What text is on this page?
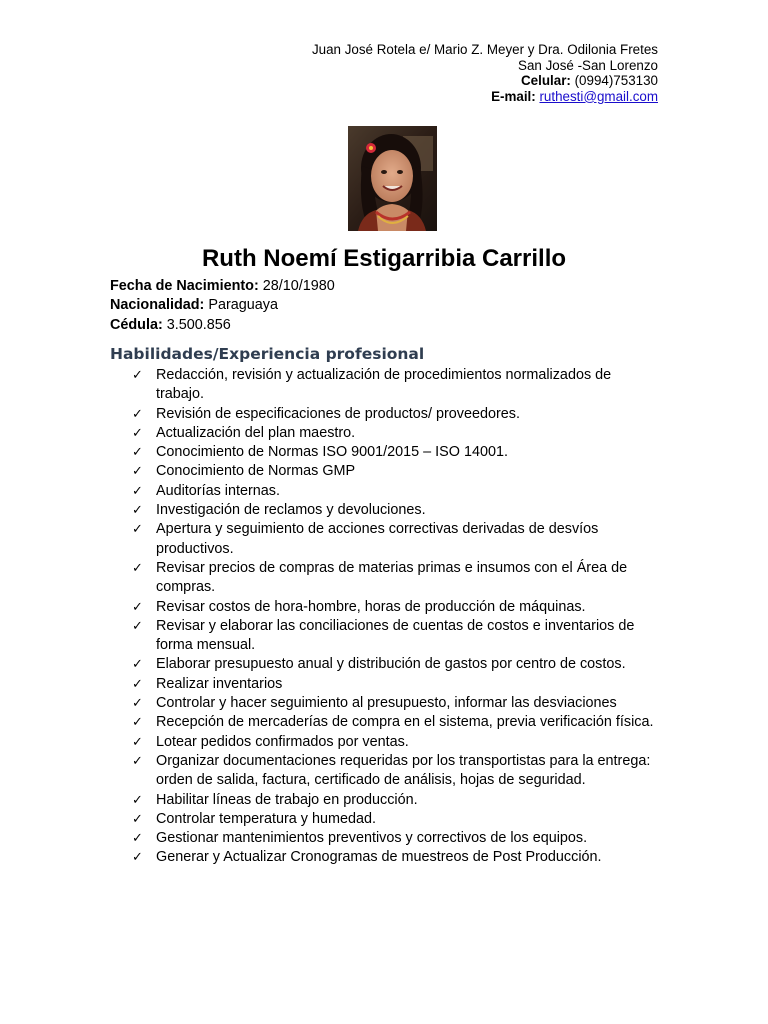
Juan José Rotela e/ Mario Z. Meyer y Dra. Odilonia Fretes
San José -San Lorenzo
Celular: (0994)753130
E-mail: ruthesti@gmail.com
Ruth Noemí Estigarribia Carrillo
Fecha de Nacimiento: 28/10/1980
Nacionalidad: Paraguaya
Cédula: 3.500.856
Habilidades/Experiencia profesional
✓ Redacción, revisión y actualización de procedimientos normalizados de trabajo.
✓ Revisión de especificaciones de productos/ proveedores.
✓ Actualización del plan maestro.
✓ Conocimiento de Normas ISO 9001/2015 – ISO 14001.
✓ Conocimiento de Normas GMP
✓ Auditorías internas.
✓ Investigación de reclamos y devoluciones.
✓ Apertura y seguimiento de acciones correctivas derivadas de desvíos productivos.
✓ Revisar precios de compras de materias primas e insumos con el Área de compras.
✓ Revisar costos de hora-hombre, horas de producción de máquinas.
✓ Revisar y elaborar las conciliaciones de cuentas de costos e inventarios de forma mensual.
✓ Elaborar presupuesto anual y distribución de gastos por centro de costos.
✓ Realizar inventarios
✓ Controlar y hacer seguimiento al presupuesto, informar las desviaciones
✓ Recepción de mercaderías de compra en el sistema, previa verificación física.
✓ Lotear pedidos confirmados por ventas.
✓ Organizar documentaciones requeridas por los transportistas para la entrega: orden de salida, factura, certificado de análisis, hojas de seguridad.
✓ Habilitar líneas de trabajo en producción.
✓ Controlar temperatura y humedad.
✓ Gestionar mantenimientos preventivos y correctivos de los equipos.
✓ Generar y Actualizar Cronogramas de muestreos de Post Producción.
